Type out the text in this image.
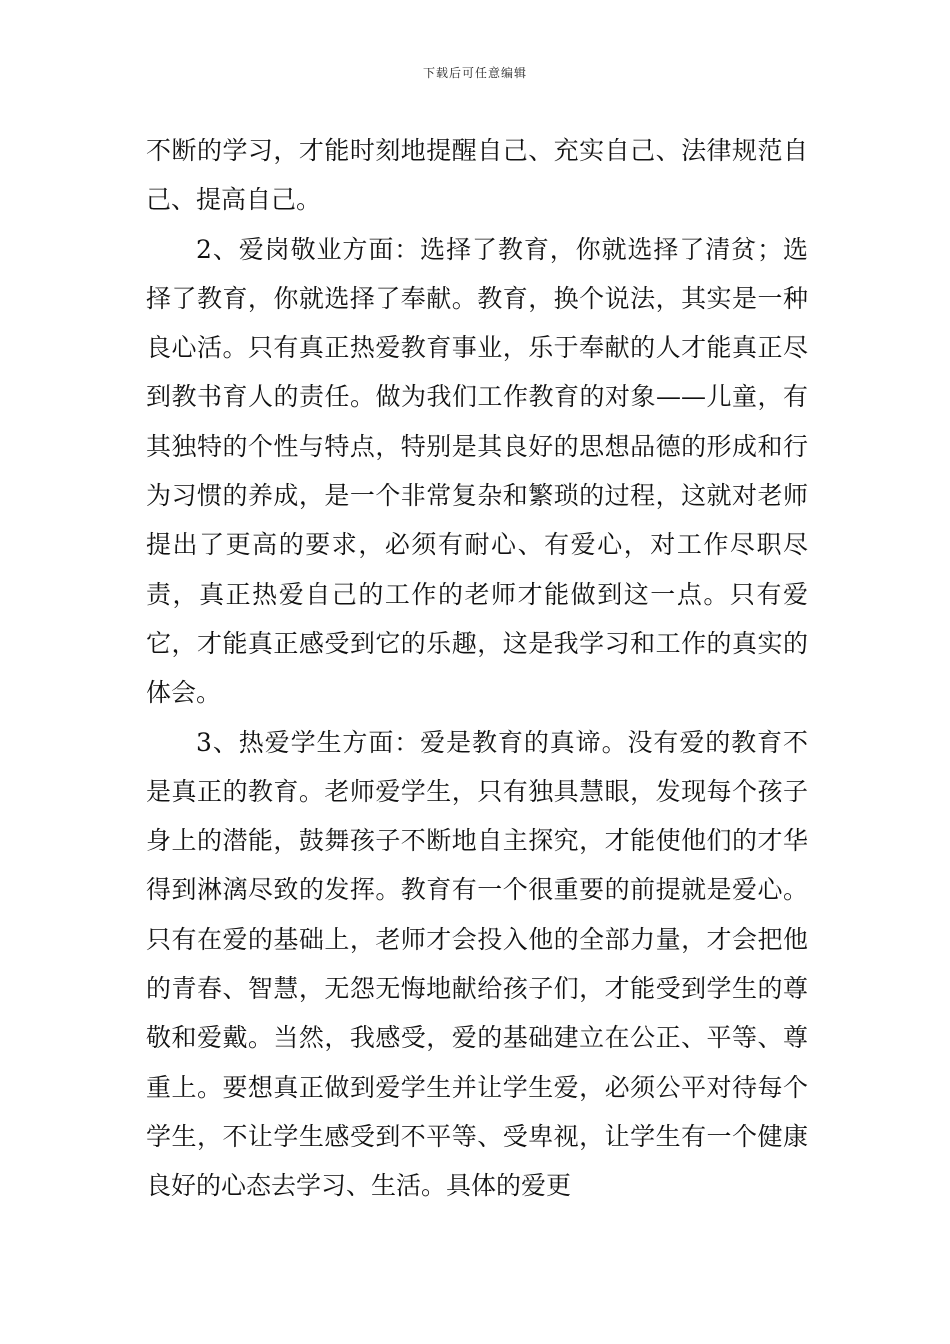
下载后可任意编辑

不断的学习，才能时刻地提醒自己、充实自己、法律规范自己、提高自己。

2、爱岗敬业方面：选择了教育，你就选择了清贫；选择了教育，你就选择了奉献。教育，换个说法，其实是一种良心活。只有真正热爱教育事业，乐于奉献的人才能真正尽到教书育人的责任。做为我们工作教育的对象——儿童，有其独特的个性与特点，特别是其良好的思想品德的形成和行为习惯的养成，是一个非常复杂和繁琐的过程，这就对老师提出了更高的要求，必须有耐心、有爱心，对工作尽职尽责，真正热爱自己的工作的老师才能做到这一点。只有爱它，才能真正感受到它的乐趣，这是我学习和工作的真实的体会。

3、热爱学生方面：爱是教育的真谛。没有爱的教育不是真正的教育。老师爱学生，只有独具慧眼，发现每个孩子身上的潜能，鼓舞孩子不断地自主探究，才能使他们的才华得到淋漓尽致的发挥。教育有一个很重要的前提就是爱心。只有在爱的基础上，老师才会投入他的全部力量，才会把他的青春、智慧，无怨无悔地献给孩子们，才能受到学生的尊敬和爱戴。当然，我感受，爱的基础建立在公正、平等、尊重上。要想真正做到爱学生并让学生爱，必须公平对待每个学生，不让学生感受到不平等、受卑视，让学生有一个健康良好的心态去学习、生活。具体的爱更
